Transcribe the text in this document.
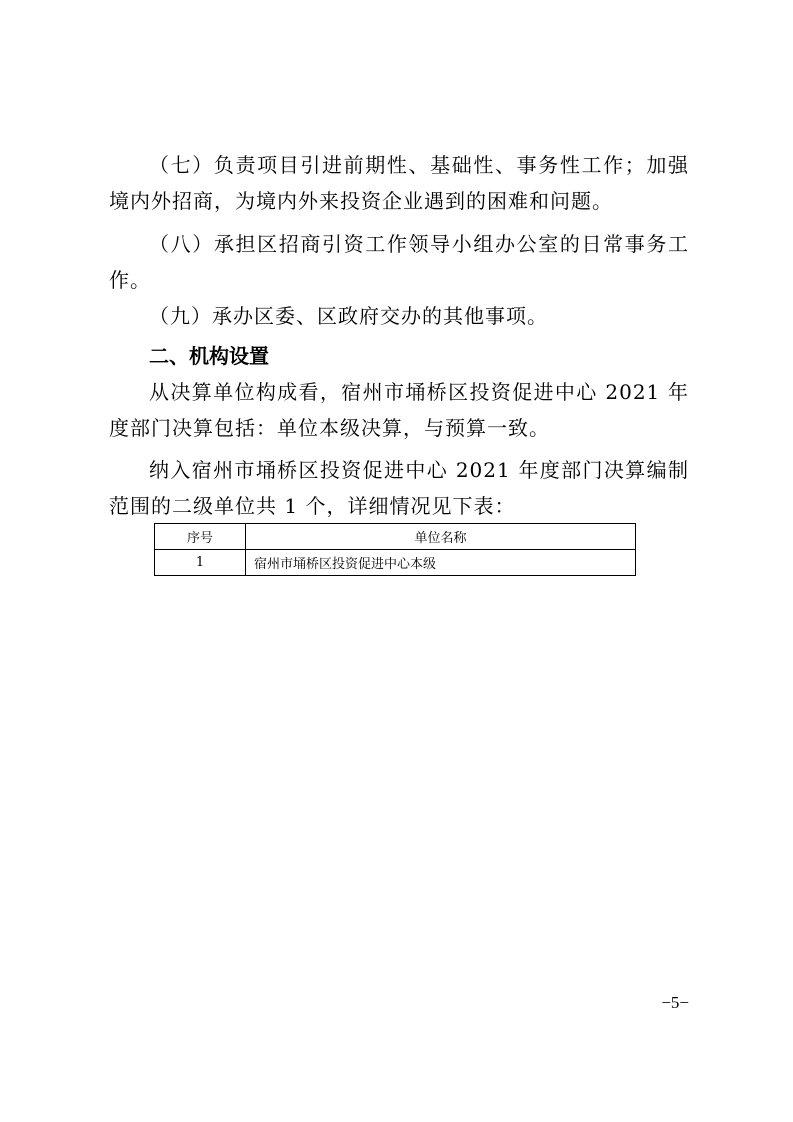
（七）负责项目引进前期性、基础性、事务性工作；加强境内外招商，为境内外来投资企业遇到的困难和问题。

（八）承担区招商引资工作领导小组办公室的日常事务工作。

（九）承办区委、区政府交办的其他事项。

二、机构设置

从决算单位构成看，宿州市埇桥区投资促进中心 2021 年度部门决算包括：单位本级决算，与预算一致。

纳入宿州市埇桥区投资促进中心 2021 年度部门决算编制范围的二级单位共 1 个，详细情况见下表：

序号	单位名称
1	宿州市埇桥区投资促进中心本级
−5−
